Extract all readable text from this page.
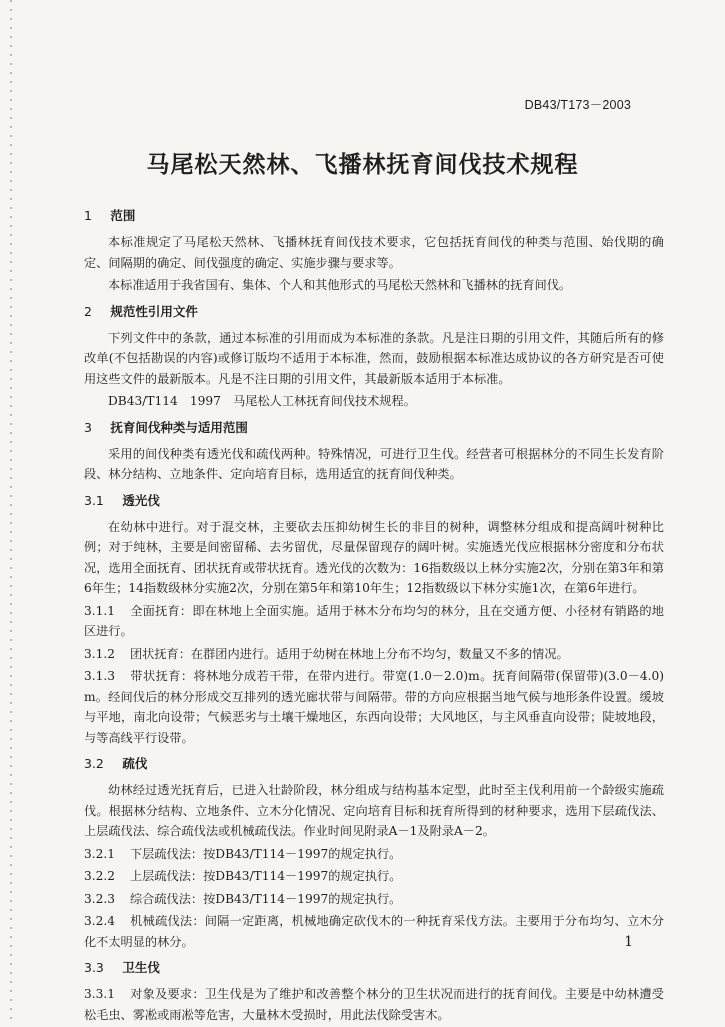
DB43/T173－2003
马尾松天然林、飞播林抚育间伐技术规程
1 范围

本标准规定了马尾松天然林、飞播林抚育间伐技术要求，它包括抚育间伐的种类与范围、始伐期的确定、间隔期的确定、间伐强度的确定、实施步骤与要求等。

本标准适用于我省国有、集体、个人和其他形式的马尾松天然林和飞播林的抚育间伐。

2 规范性引用文件

下列文件中的条款，通过本标准的引用而成为本标准的条款。凡是注日期的引用文件，其随后所有的修改单(不包括勘误的内容)或修订版均不适用于本标准，然而，鼓励根据本标准达成协议的各方研究是否可使用这些文件的最新版本。凡是不注日期的引用文件，其最新版本适用于本标准。

DB43/T114　1997　马尾松人工林抚育间伐技术规程。

3 抚育间伐种类与适用范围

采用的间伐种类有透光伐和疏伐两种。特殊情况，可进行卫生伐。经营者可根据林分的不同生长发育阶段、林分结构、立地条件、定向培育目标，选用适宜的抚育间伐种类。

3.1 透光伐

在幼林中进行。对于混交林，主要砍去压抑幼树生长的非目的树种，调整林分组成和提高阔叶树种比例；对于纯林，主要是间密留稀、去劣留优，尽量保留现存的阔叶树。实施透光伐应根据林分密度和分布状况，选用全面抚育、团状抚育或带状抚育。透光伐的次数为：16指数级以上林分实施2次，分别在第3年和第6年生；14指数级林分实施2次，分别在第5年和第10年生；12指数级以下林分实施1次，在第6年进行。

3.1.1 全面抚育：即在林地上全面实施。适用于林木分布均匀的林分，且在交通方便、小径材有销路的地区进行。

3.1.2 团状抚育：在群团内进行。适用于幼树在林地上分布不均匀，数量又不多的情况。

3.1.3 带状抚育：将林地分成若干带，在带内进行。带宽(1.0－2.0)m。抚育间隔带(保留带)(3.0－4.0)m。经间伐后的林分形成交互排列的透光廊状带与间隔带。带的方向应根据当地气候与地形条件设置。缓坡与平地，南北向设带；气候恶劣与土壤干燥地区，东西向设带；大风地区，与主风垂直向设带；陡坡地段，与等高线平行设带。

3.2 疏伐

幼林经过透光抚育后，已进入壮龄阶段，林分组成与结构基本定型，此时至主伐利用前一个龄级实施疏伐。根据林分结构、立地条件、立木分化情况、定向培育目标和抚育所得到的材种要求，选用下层疏伐法、上层疏伐法、综合疏伐法或机械疏伐法。作业时间见附录A－1及附录A－2。

3.2.1 下层疏伐法：按DB43/T114－1997的规定执行。

3.2.2 上层疏伐法：按DB43/T114－1997的规定执行。

3.2.3 综合疏伐法：按DB43/T114－1997的规定执行。

3.2.4 机械疏伐法：间隔一定距离，机械地确定砍伐木的一种抚育采伐方法。主要用于分布均匀、立木分化不太明显的林分。

3.3 卫生伐

3.3.1 对象及要求：卫生伐是为了维护和改善整个林分的卫生状况而进行的抚育间伐。主要是中幼林遭受松毛虫、雾凇或雨凇等危害，大量林木受损时，用此法伐除受害木。

1
